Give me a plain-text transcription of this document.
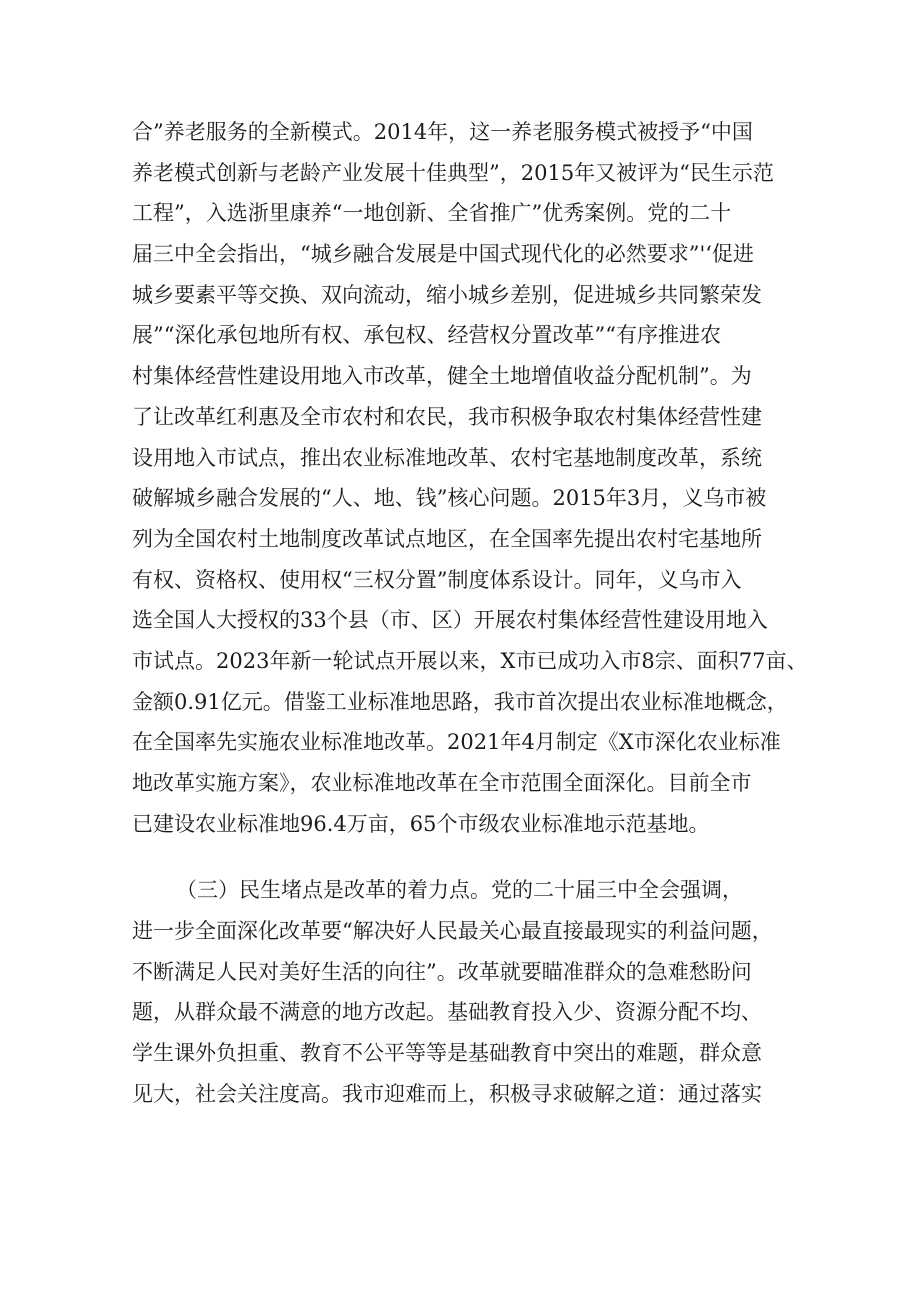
合”养老服务的全新模式。2014年，这一养老服务模式被授予“中国
养老模式创新与老龄产业发展十佳典型”，2015年又被评为“民生示范
工程”，入选浙里康养“一地创新、全省推广”优秀案例。党的二十
届三中全会指出，“城乡融合发展是中国式现代化的必然要求”'‘促进
城乡要素平等交换、双向流动，缩小城乡差别，促进城乡共同繁荣发
展”“深化承包地所有权、承包权、经营权分置改革”“有序推进农
村集体经营性建设用地入市改革，健全土地增值收益分配机制”。为
了让改革红利惠及全市农村和农民，我市积极争取农村集体经营性建
设用地入市试点，推出农业标准地改革、农村宅基地制度改革，系统
破解城乡融合发展的“人、地、钱”核心问题。2015年3月，义乌市被
列为全国农村土地制度改革试点地区，在全国率先提出农村宅基地所
有权、资格权、使用权“三权分置”制度体系设计。同年，义乌市入
选全国人大授权的33个县（市、区）开展农村集体经营性建设用地入
市试点。2023年新一轮试点开展以来，X市已成功入市8宗、面积77亩、
金额0.91亿元。借鉴工业标准地思路，我市首次提出农业标准地概念，
在全国率先实施农业标准地改革。2021年4月制定《X市深化农业标准
地改革实施方案》，农业标准地改革在全市范围全面深化。目前全市
已建设农业标准地96.4万亩，65个市级农业标准地示范基地。
（三）民生堵点是改革的着力点。党的二十届三中全会强调，
进一步全面深化改革要“解决好人民最关心最直接最现实的利益问题，
不断满足人民对美好生活的向往”。改革就要瞄准群众的急难愁盼问
题，从群众最不满意的地方改起。基础教育投入少、资源分配不均、
学生课外负担重、教育不公平等等是基础教育中突出的难题，群众意
见大，社会关注度高。我市迎难而上，积极寻求破解之道：通过落实
